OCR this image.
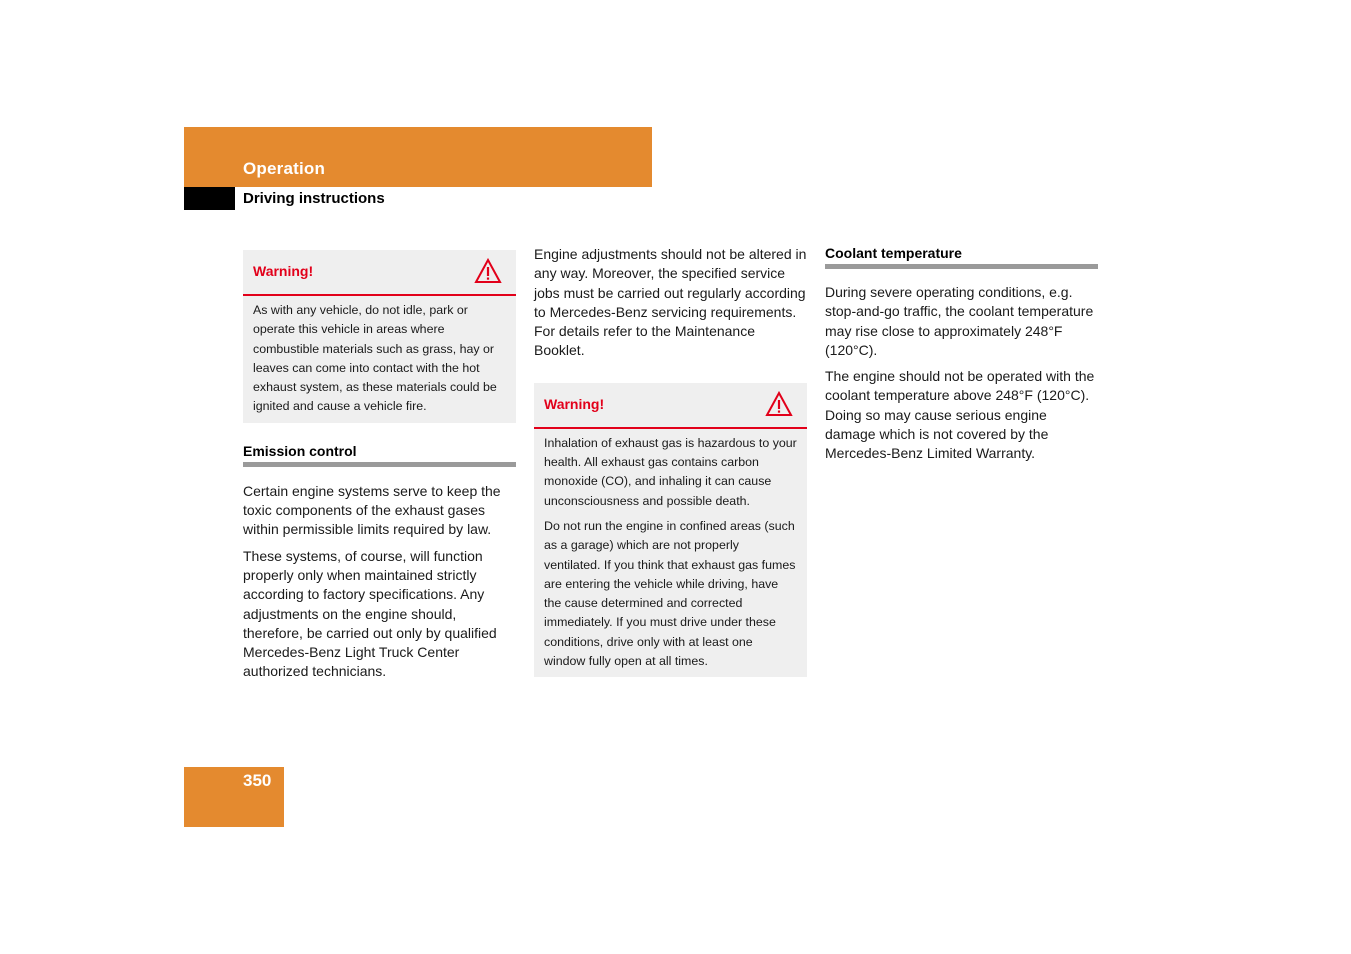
Operation
Driving instructions
Warning!

As with any vehicle, do not idle, park or operate this vehicle in areas where combustible materials such as grass, hay or leaves can come into contact with the hot exhaust system, as these materials could be ignited and cause a vehicle fire.

Emission control

Certain engine systems serve to keep the toxic components of the exhaust gases within permissible limits required by law.

These systems, of course, will function properly only when maintained strictly according to factory specifications. Any adjustments on the engine should, therefore, be carried out only by qualified Mercedes-Benz Light Truck Center authorized technicians.

Engine adjustments should not be altered in any way. Moreover, the specified service jobs must be carried out regularly according to Mercedes-Benz servicing requirements. For details refer to the Maintenance Booklet.

Warning!

Inhalation of exhaust gas is hazardous to your health. All exhaust gas contains carbon monoxide (CO), and inhaling it can cause unconsciousness and possible death.

Do not run the engine in confined areas (such as a garage) which are not properly ventilated. If you think that exhaust gas fumes are entering the vehicle while driving, have the cause determined and corrected immediately. If you must drive under these conditions, drive only with at least one window fully open at all times.

Coolant temperature

During severe operating conditions, e.g. stop-and-go traffic, the coolant temperature may rise close to approximately 248°F (120°C).

The engine should not be operated with the coolant temperature above 248°F (120°C). Doing so may cause serious engine damage which is not covered by the Mercedes-Benz Limited Warranty.

350
